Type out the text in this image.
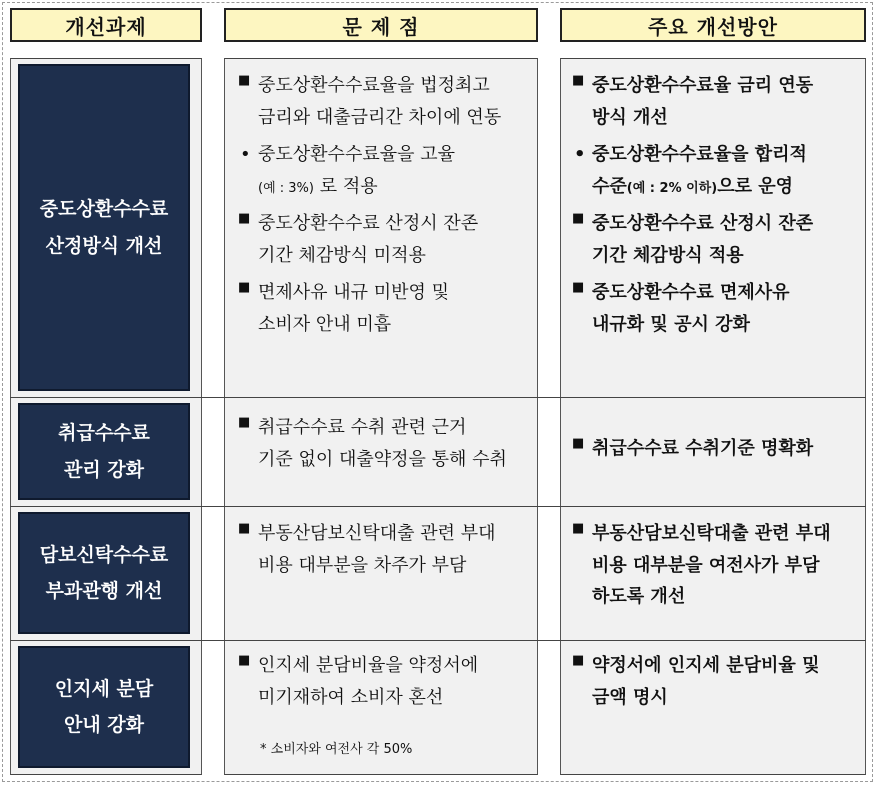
개선과제	문 제 점	주요 개선방안
중도상환수수료
산정방식 개선
취급수수료
관리 강화
담보신탁수수료
부과관행 개선
인지세 분담
안내 강화
■ 중도상환수수료율을 법정최고
금리와 대출금리간 차이에 연동
• 중도상환수수료율을 고율
(예 : 3%) 로 적용
■ 중도상환수수료 산정시 잔존
기간 체감방식 미적용
■ 면제사유 내규 미반영 및
소비자 안내 미흡
■ 중도상환수수료율 금리 연동
방식 개선
• 중도상환수수료율을 합리적
수준(예 : 2% 이하)으로 운영
■ 중도상환수수료 산정시 잔존
기간 체감방식 적용
■ 중도상환수수료 면제사유
내규화 및 공시 강화
■ 취급수수료 수취 관련 근거
기준 없이 대출약정을 통해 수취
■ 취급수수료 수취기준 명확화
■ 부동산담보신탁대출 관련 부대
비용 대부분을 차주가 부담
■ 부동산담보신탁대출 관련 부대
비용 대부분을 여전사가 부담
하도록 개선
■ 인지세 분담비율을 약정서에
미기재하여 소비자 혼선
* 소비자와 여전사 각 50%
■ 약정서에 인지세 분담비율 및
금액 명시
